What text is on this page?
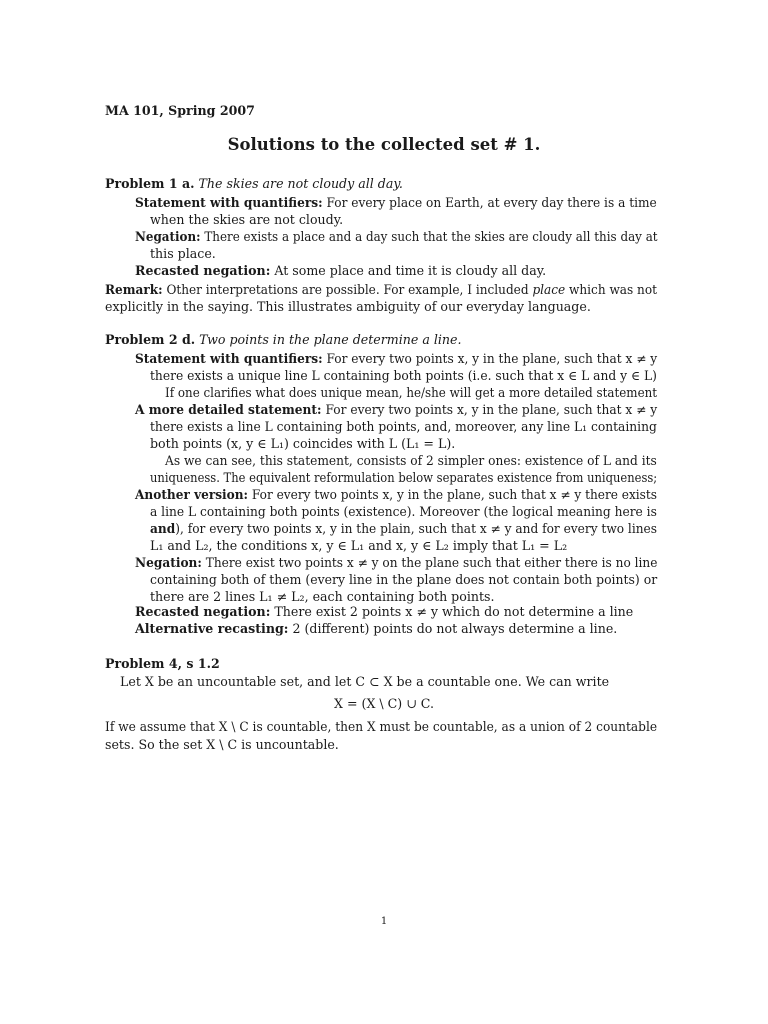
MA 101, Spring 2007
Solutions to the collected set # 1.
Problem 1 a. The skies are not cloudy all day.
Statement with quantifiers: For every place on Earth, at every day there is a time
when the skies are not cloudy.
Negation: There exists a place and a day such that the skies are cloudy all this day at
this place.
Recasted negation: At some place and time it is cloudy all day.
Remark: Other interpretations are possible. For example, I included place which was not
explicitly in the saying. This illustrates ambiguity of our everyday language.
Problem 2 d. Two points in the plane determine a line.
Statement with quantifiers: For every two points x, y in the plane, such that x ≠ y
there exists a unique line L containing both points (i.e. such that x ∈ L and y ∈ L)
If one clarifies what does unique mean, he/she will get a more detailed statement
A more detailed statement: For every two points x, y in the plane, such that x ≠ y
there exists a line L containing both points, and, moreover, any line L₁ containing
both points (x, y ∈ L₁) coincides with L (L₁ = L).
As we can see, this statement, consists of 2 simpler ones: existence of L and its
uniqueness. The equivalent reformulation below separates existence from uniqueness;
Another version: For every two points x, y in the plane, such that x ≠ y there exists
a line L containing both points (existence). Moreover (the logical meaning here is
and), for every two points x, y in the plain, such that x ≠ y and for every two lines
L₁ and L₂, the conditions x, y ∈ L₁ and x, y ∈ L₂ imply that L₁ = L₂
Negation: There exist two points x ≠ y on the plane such that either there is no line
containing both of them (every line in the plane does not contain both points) or
there are 2 lines L₁ ≠ L₂, each containing both points.
Recasted negation: There exist 2 points x ≠ y which do not determine a line
Alternative recasting: 2 (different) points do not always determine a line.
Problem 4, s 1.2
Let X be an uncountable set, and let C ⊂ X be a countable one. We can write
X = (X \ C) ∪ C.
If we assume that X \ C is countable, then X must be countable, as a union of 2 countable
sets. So the set X \ C is uncountable.
1
